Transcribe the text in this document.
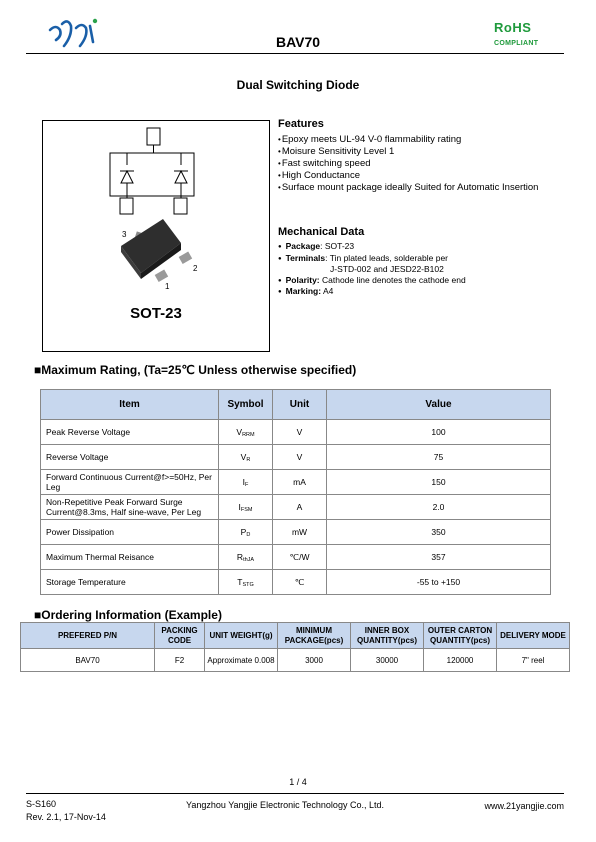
BAV70
RoHS
COMPLIANT
Dual Switching Diode
3
1
2
SOT-23
Features
• Epoxy meets UL-94 V-0 flammability rating
• Moisure Sensitivity Level 1
• Fast switching speed
• High Conductance
• Surface mount package ideally Suited for Automatic Insertion
Mechanical Data
● Package: SOT-23
● Terminals: Tin plated leads, solderable per
J-STD-002 and JESD22-B102
● Polarity: Cathode line denotes the cathode end
● Marking: A4
■Maximum Rating, (Ta=25℃ Unless otherwise specified)
Item	Symbol	Unit	Value
Peak Reverse Voltage	VRRM	V	100
Reverse Voltage	VR	V	75
Forward Continuous Current@f>=50Hz, Per Leg	IF	mA	150
Non-Repetitive Peak Forward Surge Current@8.3ms, Half sine-wave, Per Leg	IFSM	A	2.0
Power Dissipation	PD	mW	350
Maximum Thermal Reisance	RthJA	℃/W	357
Storage Temperature	TSTG	℃	-55 to +150
■Ordering Information (Example)
PREFERED P/N	PACKING CODE	UNIT WEIGHT(g)	MINIMUM PACKAGE(pcs)	INNER BOX QUANTITY(pcs)	OUTER CARTON QUANTITY(pcs)	DELIVERY MODE
BAV70	F2	Approximate 0.008	3000	30000	120000	7" reel
1 / 4
S-S160
Rev. 2.1, 17-Nov-14
Yangzhou Yangjie Electronic Technology Co., Ltd.	www.21yangjie.com
